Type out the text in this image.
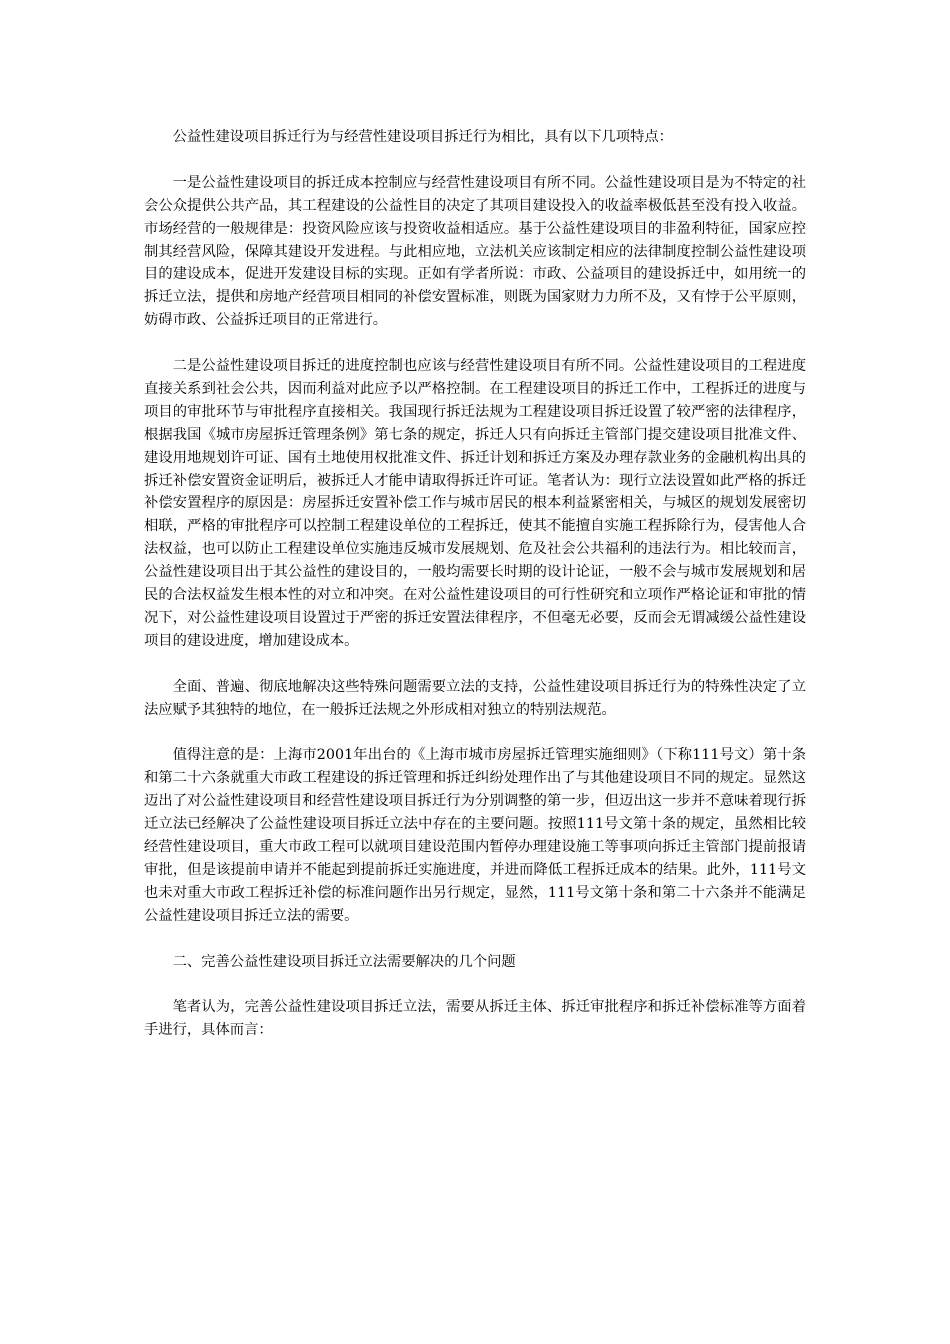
公益性建设项目拆迁行为与经营性建设项目拆迁行为相比，具有以下几项特点：

一是公益性建设项目的拆迁成本控制应与经营性建设项目有所不同。公益性建设项目是为不特定的社会公众提供公共产品，其工程建设的公益性目的决定了其项目建设投入的收益率极低甚至没有投入收益。市场经营的一般规律是：投资风险应该与投资收益相适应。基于公益性建设项目的非盈利特征，国家应控制其经营风险，保障其建设开发进程。与此相应地，立法机关应该制定相应的法律制度控制公益性建设项目的建设成本，促进开发建设目标的实现。正如有学者所说：市政、公益项目的建设拆迁中，如用统一的拆迁立法，提供和房地产经营项目相同的补偿安置标准，则既为国家财力力所不及，又有悖于公平原则，妨碍市政、公益拆迁项目的正常进行。

二是公益性建设项目拆迁的进度控制也应该与经营性建设项目有所不同。公益性建设项目的工程进度直接关系到社会公共，因而利益对此应予以严格控制。在工程建设项目的拆迁工作中，工程拆迁的进度与项目的审批环节与审批程序直接相关。我国现行拆迁法规为工程建设项目拆迁设置了较严密的法律程序，根据我国《城市房屋拆迁管理条例》第七条的规定，拆迁人只有向拆迁主管部门提交建设项目批准文件、建设用地规划许可证、国有土地使用权批准文件、拆迁计划和拆迁方案及办理存款业务的金融机构出具的拆迁补偿安置资金证明后，被拆迁人才能申请取得拆迁许可证。笔者认为：现行立法设置如此严格的拆迁补偿安置程序的原因是：房屋拆迁安置补偿工作与城市居民的根本利益紧密相关，与城区的规划发展密切相联，严格的审批程序可以控制工程建设单位的工程拆迁，使其不能擅自实施工程拆除行为，侵害他人合法权益，也可以防止工程建设单位实施违反城市发展规划、危及社会公共福利的违法行为。相比较而言，公益性建设项目出于其公益性的建设目的，一般均需要长时期的设计论证，一般不会与城市发展规划和居民的合法权益发生根本性的对立和冲突。在对公益性建设项目的可行性研究和立项作严格论证和审批的情况下，对公益性建设项目设置过于严密的拆迁安置法律程序，不但毫无必要，反而会无谓减缓公益性建设项目的建设进度，增加建设成本。

全面、普遍、彻底地解决这些特殊问题需要立法的支持，公益性建设项目拆迁行为的特殊性决定了立法应赋予其独特的地位，在一般拆迁法规之外形成相对独立的特别法规范。

值得注意的是：上海市2001年出台的《上海市城市房屋拆迁管理实施细则》（下称111号文）第十条和第二十六条就重大市政工程建设的拆迁管理和拆迁纠纷处理作出了与其他建设项目不同的规定。显然这迈出了对公益性建设项目和经营性建设项目拆迁行为分别调整的第一步，但迈出这一步并不意味着现行拆迁立法已经解决了公益性建设项目拆迁立法中存在的主要问题。按照111号文第十条的规定，虽然相比较经营性建设项目，重大市政工程可以就项目建设范围内暂停办理建设施工等事项向拆迁主管部门提前报请审批，但是该提前申请并不能起到提前拆迁实施进度，并进而降低工程拆迁成本的结果。此外，111号文也未对重大市政工程拆迁补偿的标准问题作出另行规定，显然，111号文第十条和第二十六条并不能满足公益性建设项目拆迁立法的需要。

二、完善公益性建设项目拆迁立法需要解决的几个问题

笔者认为，完善公益性建设项目拆迁立法，需要从拆迁主体、拆迁审批程序和拆迁补偿标准等方面着手进行，具体而言：
